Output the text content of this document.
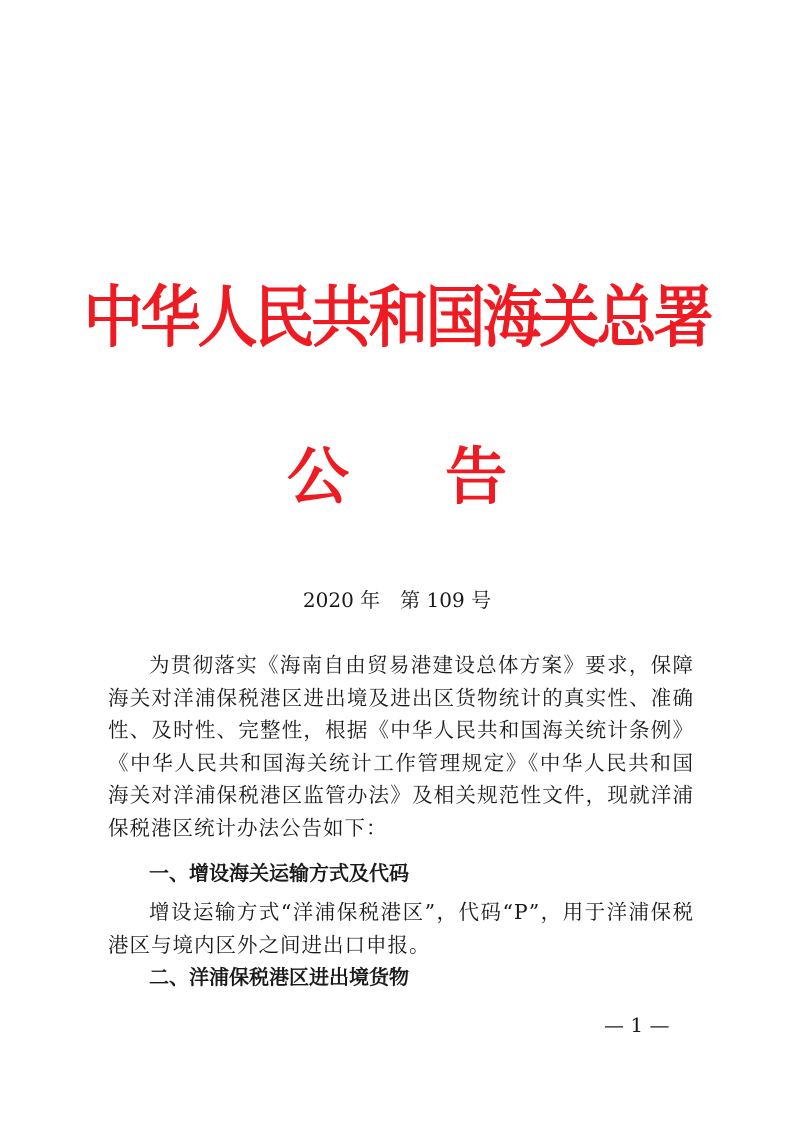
中华人民共和国海关总署
公 告
2020 年　第 109 号
为贯彻落实《海南自由贸易港建设总体方案》要求，保障海关对洋浦保税港区进出境及进出区货物统计的真实性、准确性、及时性、完整性，根据《中华人民共和国海关统计条例》《中华人民共和国海关统计工作管理规定》《中华人民共和国海关对洋浦保税港区监管办法》及相关规范性文件，现就洋浦保税港区统计办法公告如下：
一、增设海关运输方式及代码
增设运输方式“洋浦保税港区”，代码“P”，用于洋浦保税港区与境内区外之间进出口申报。
二、洋浦保税港区进出境货物
— 1 —
